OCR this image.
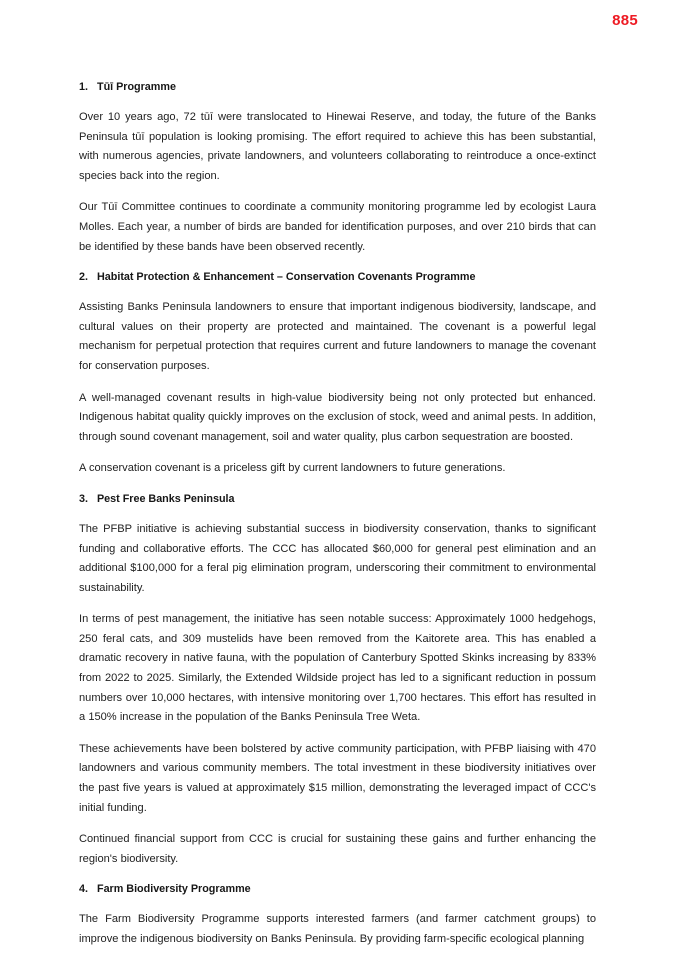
885
1. Tūī Programme

Over 10 years ago, 72 tūī were translocated to Hinewai Reserve, and today, the future of the Banks Peninsula tūī population is looking promising. The effort required to achieve this has been substantial, with numerous agencies, private landowners, and volunteers collaborating to reintroduce a once-extinct species back into the region.

Our Tūī Committee continues to coordinate a community monitoring programme led by ecologist Laura Molles. Each year, a number of birds are banded for identification purposes, and over 210 birds that can be identified by these bands have been observed recently.

2. Habitat Protection & Enhancement – Conservation Covenants Programme

Assisting Banks Peninsula landowners to ensure that important indigenous biodiversity, landscape, and cultural values on their property are protected and maintained. The covenant is a powerful legal mechanism for perpetual protection that requires current and future landowners to manage the covenant for conservation purposes.

A well-managed covenant results in high-value biodiversity being not only protected but enhanced. Indigenous habitat quality quickly improves on the exclusion of stock, weed and animal pests. In addition, through sound covenant management, soil and water quality, plus carbon sequestration are boosted.

A conservation covenant is a priceless gift by current landowners to future generations.

3. Pest Free Banks Peninsula

The PFBP initiative is achieving substantial success in biodiversity conservation, thanks to significant funding and collaborative efforts. The CCC has allocated $60,000 for general pest elimination and an additional $100,000 for a feral pig elimination program, underscoring their commitment to environmental sustainability.

In terms of pest management, the initiative has seen notable success: Approximately 1000 hedgehogs, 250 feral cats, and 309 mustelids have been removed from the Kaitorete area. This has enabled a dramatic recovery in native fauna, with the population of Canterbury Spotted Skinks increasing by 833% from 2022 to 2025. Similarly, the Extended Wildside project has led to a significant reduction in possum numbers over 10,000 hectares, with intensive monitoring over 1,700 hectares. This effort has resulted in a 150% increase in the population of the Banks Peninsula Tree Weta.

These achievements have been bolstered by active community participation, with PFBP liaising with 470 landowners and various community members. The total investment in these biodiversity initiatives over the past five years is valued at approximately $15 million, demonstrating the leveraged impact of CCC's initial funding.

Continued financial support from CCC is crucial for sustaining these gains and further enhancing the region's biodiversity.

4. Farm Biodiversity Programme

The Farm Biodiversity Programme supports interested farmers (and farmer catchment groups) to improve the indigenous biodiversity on Banks Peninsula. By providing farm-specific ecological planning
